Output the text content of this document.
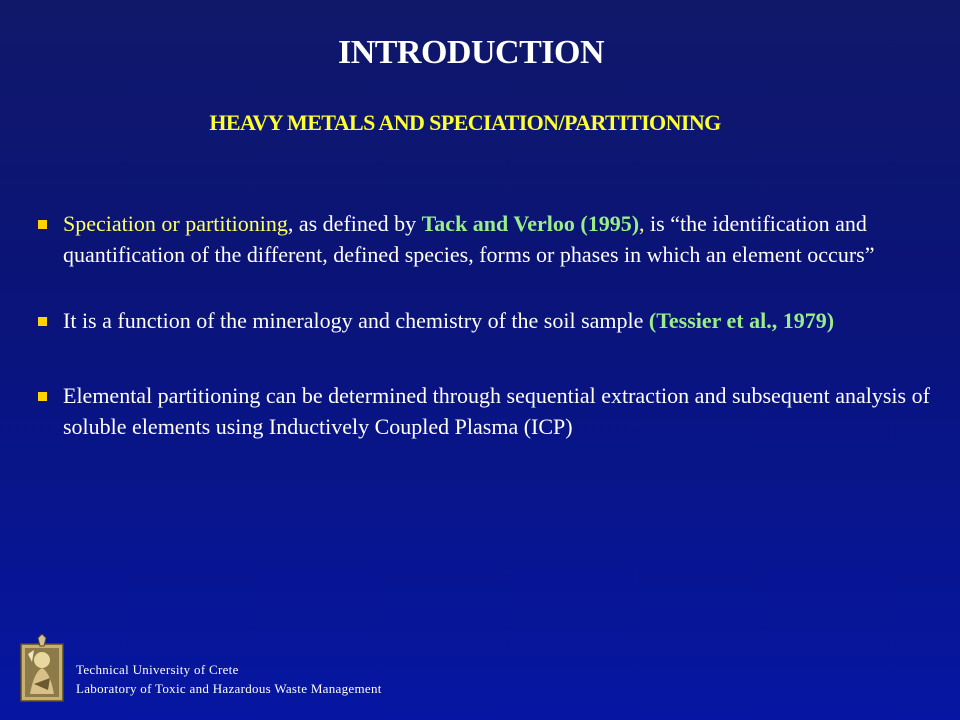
INTRODUCTION
HEAVY METALS AND SPECIATION/PARTITIONING
Speciation or partitioning, as defined by Tack and Verloo (1995), is “the identification and quantification of the different, defined species, forms or phases in which an element occurs”
It is a function of the mineralogy and chemistry of the soil sample (Tessier et al., 1979)
Elemental partitioning can be determined through sequential extraction and subsequent analysis of soluble elements using Inductively Coupled Plasma (ICP)
Technical University of Crete
Laboratory of Toxic and Hazardous Waste Management
